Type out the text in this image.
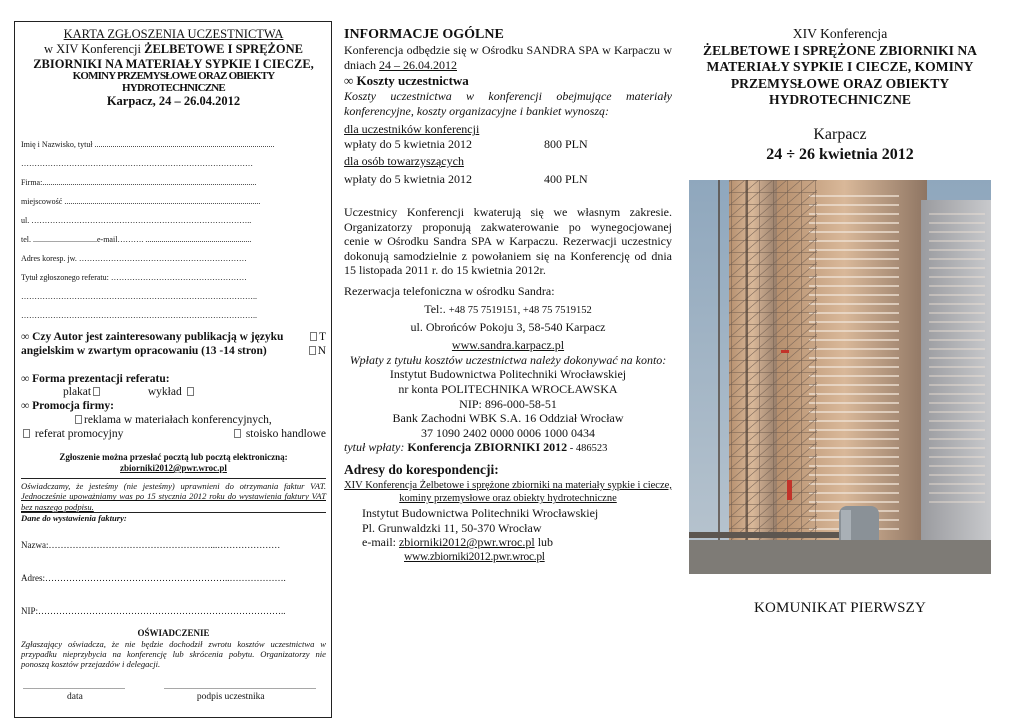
KARTA ZGŁOSZENIA UCZESTNICTWA
w XIV Konferencji ŻELBETOWE I SPRĘŻONE
ZBIORNIKI NA MATERIAŁY SYPKIE I CIECZE,
KOMINY PRZEMYSŁOWE ORAZ OBIEKTY
HYDROTECHNICZNE
Karpacz, 24 – 26.04.2012
Imię i Nazwisko, tytuł ..........................................................................................
……………………………………………………………………………
Firma:...........................................................................................................
miejscowość ..................................................................................................
ul. ………………………………………………………………………..
tel. ................................e-mail………. .....................................................
Adres koresp. jw. ………………………………………………………
Tytuł zgłoszonego referatu: ……………………………………………
……………………………………………………………………………..
……………………………………………………………………………..
∞ Czy Autor jest zainteresowany publikacją w języku	T
angielskim w zwartym opracowaniu (13 -14 stron)	N
∞ Forma prezentacji referatu:
plakat	wykład
∞ Promocja firmy:
reklama w materiałach konferencyjnych,
referat promocyjny	stoisko handlowe
Zgłoszenie można przesłać pocztą lub pocztą elektroniczną:
zbiorniki2012@pwr.wroc.pl
Oświadczamy, że jesteśmy (nie jesteśmy) uprawnieni do otrzymania faktur VAT. Jednocześnie upoważniamy was po 15 stycznia 2012 roku do wystawienia faktury VAT bez naszego podpisu.
Dane do wystawienia faktury:
Nazwa:………………………………………………...…………………
Adres:……………………………………………………..……………….
NIP:………………………………………………………………………..
OŚWIADCZENIE
Zgłaszający oświadcza, że nie będzie dochodził zwrotu kosztów uczestnictwa w przypadku nieprzybycia na konferencję lub skrócenia pobytu. Organizatorzy nie ponoszą kosztów przejazdów i delegacji.
...................................................	............................................................................
data	podpis uczestnika
INFORMACJE OGÓLNE
Konferencja odbędzie się w Ośrodku SANDRA SPA w Karpaczu w dniach 24 – 26.04.2012
∞ Koszty uczestnictwa
Koszty uczestnictwa w konferencji obejmujące materiały konferencyjne, koszty organizacyjne i bankiet wynoszą:
dla uczestników konferencji
wpłaty do 5 kwietnia 2012	800 PLN
dla osób towarzyszących
wpłaty do 5 kwietnia 2012	400 PLN
Uczestnicy Konferencji kwaterują się we własnym zakresie. Organizatorzy proponują zakwaterowanie po wynegocjowanej cenie w Ośrodku Sandra SPA w Karpaczu. Rezerwacji uczestnicy dokonują samodzielnie z powołaniem się na Konferencję od dnia 15 listopada 2011 r. do 15 kwietnia 2012r.
Rezerwacja telefoniczna w ośrodku Sandra:
Tel:. +48 75 7519151, +48 75 7519152
ul. Obrońców Pokoju 3, 58-540 Karpacz
www.sandra.karpacz.pl
Wpłaty z tytułu kosztów uczestnictwa należy dokonywać na konto:
Instytut Budownictwa Politechniki Wrocławskiej
nr konta POLITECHNIKA WROCŁAWSKA
NIP: 896-000-58-51
Bank Zachodni WBK S.A. 16 Oddział Wrocław
37 1090 2402 0000 0006 1000 0434
tytuł wpłaty: Konferencja ZBIORNIKI 2012 - 486523
Adresy do korespondencji:
XIV Konferencja Żelbetowe i sprężone zbiorniki na materiały sypkie i ciecze, kominy przemysłowe oraz obiekty hydrotechniczne
Instytut Budownictwa Politechniki Wrocławskiej
Pl. Grunwaldzki 11, 50-370 Wrocław
e-mail: zbiorniki2012@pwr.wroc.pl lub
www.zbiorniki2012.pwr.wroc.pl
XIV Konferencja
ŻELBETOWE I SPRĘŻONE ZBIORNIKI NA
MATERIAŁY SYPKIE I CIECZE, KOMINY
PRZEMYSŁOWE ORAZ OBIEKTY
HYDROTECHNICZNE
Karpacz
24 ÷ 26 kwietnia 2012
KOMUNIKAT PIERWSZY
